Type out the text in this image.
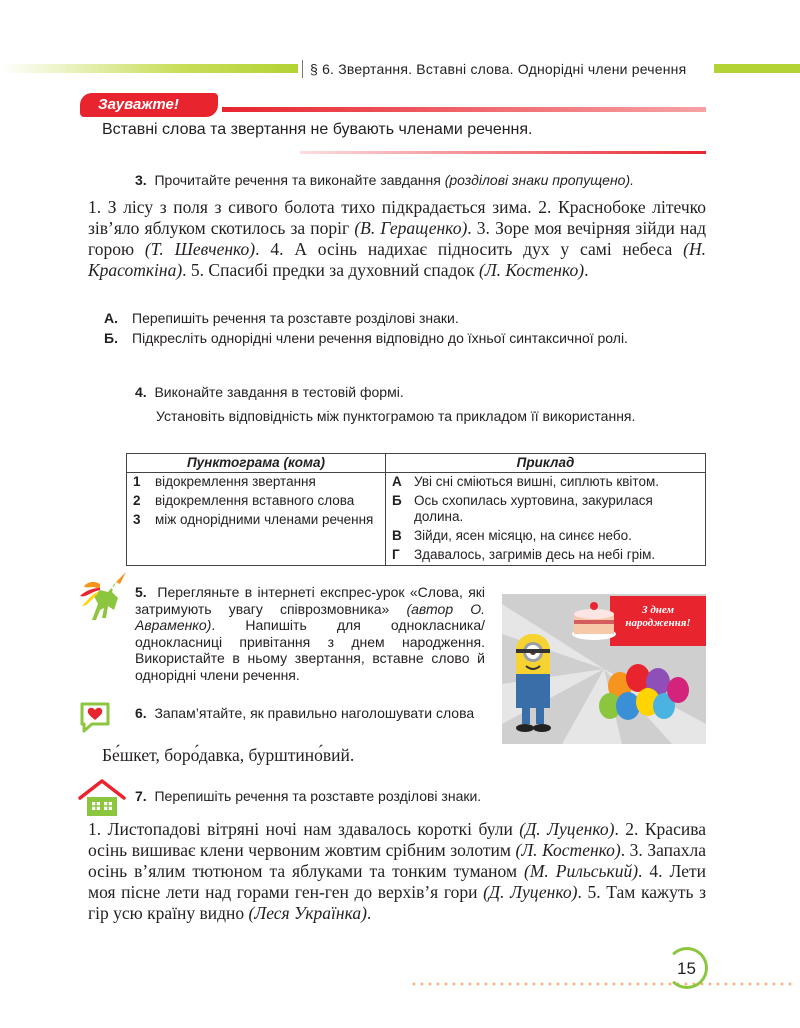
§ 6. Звертання. Вставні слова. Однорідні члени речення
Зауважте!
Вставні слова та звертання не бувають членами речення.
3. Прочитайте речення та виконайте завдання (розділові знаки пропущено).
1. З лісу з поля з сивого болота тихо підкрадається зима. 2. Краснобоке літечко зів’яло яблуком скотилось за поріг (В. Геращенко). 3. Зоре моя вечірняя зійди над горою (Т. Шевченко). 4. А осінь надихає підносить дух у самі небеса (Н. Красоткіна). 5. Спасибі предки за духовний спадок (Л. Костенко).
А. Перепишіть речення та розставте розділові знаки.
Б.	Підкресліть однорідні члени речення відповідно до їхньої синтаксичної ролі.
4. Виконайте завдання в тестовій формі.
Установіть відповідність між пунктограмою та прикладом її використання.
Пунктограма (кома)	Приклад

1	відокремлення звертання
2	відокремлення вставного слова
3	між однорідними членами речення

А	Уві сні сміються вишні, сиплють квітом.
Б	Ось схопилась хуртовина, закурилася долина.
В	Зійди, ясен місяцю, на синєє небо.
Г	Здавалось, загримів десь на небі грім.
5. Перегляньте в інтернеті експрес-урок «Слова, які затримують увагу співрозмовника» (автор О. Авраменко). Напишіть для однокласника/однокласниці привітання з днем народження. Використайте в ньому звертання, вставне слово й однорідні члени речення.
З днем народження!
6. Запам’ятайте, як правильно наголошувати слова
Бе́шкет, боро́давка, бурштино́вий.
7. Перепишіть речення та розставте розділові знаки.
1. Листопадові вітряні ночі нам здавалось короткі були (Д. Луценко). 2. Красива осінь вишиває клени червоним жовтим срібним золотим (Л. Костенко). 3. Запахла осінь в’ялим тютюном та яблуками та тонким туманом (М. Рильський). 4. Лети моя пісне лети над горами ген-ген до верхів’я гори (Д. Луценко). 5. Там кажуть з гір усю країну видно (Леся Українка).
15
